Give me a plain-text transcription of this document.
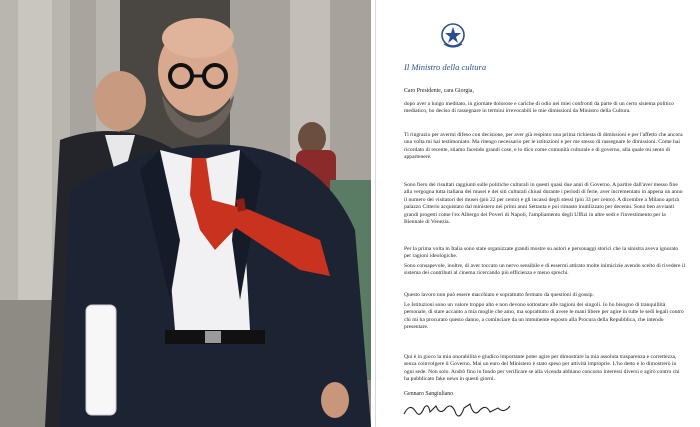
Il Ministro della cultura
Caro Presidente, cara Giorgia,

dopo aver a lungo meditato, in giornate dolorose e cariche di odio nei miei confronti da parte di un certo sistema politico mediatico, ho deciso di rassegnare in termini irrevocabili le mie dimissioni da Ministro della Cultura.

Ti ringrazio per avermi difeso con decisione, per aver già respinto una prima richiesta di dimissioni e per l'affetto che ancora una volta mi hai testimoniato. Ma ritengo necessario per le istituzioni e per me stesso di rassegnare le dimissioni. Come hai ricordato di recente, stiamo facendo grandi cose, e lo dico come comunità culturale e di governo, alla quale mi sento di appartenere.

Sono fiero dei risultati raggiunti sulle politiche culturali in questi quasi due anni di Governo. A partire dall'aver messo fine alla vergogna tutta italiana dei musei e dei siti culturali chiusi durante i periodi di ferie, aver incrementato in appena un anno il numero dei visitatori dei musei (più 22 per cento) e gli incassi degli stessi (più 33 per cento). A dicembre a Milano aprirà palazzo Citterio acquistato dal ministero nei primi anni Settanta e poi rimasto inutilizzato per decenni. Sono ben avvianti grandi progetti come l'ex Albergo dei Poveri di Napoli, l'ampliamento degli Uffizi in altre sedi e l'investimento per la Biennale di Venezia.

Per la prima volta in Italia sono state organizzate grandi mostre su autori e personaggi storici che la sinistra aveva ignorato per ragioni ideologiche.

Sono consapevole, inoltre, di aver toccato un nervo sensibile e di essermi attirato molte inimicizie avendo scelto di rivedere il sistema dei contributi al cinema ricercando più efficienza e meno sprechi.

Questo lavoro non può essere macchiato e soprattutto fermato da questioni di gossip.

Le Istituzioni sono un valore troppo alto e non devono sottostare alle ragioni dei singoli. Io ho bisogno di tranquillità personale, di stare accanto a mia moglie che amo, ma soprattutto di avere le mani libere per agire in tutte le sedi legali contro chi mi ha procurato questo danno, a cominciare da un imminente esposto alla Procura della Repubblica, che intendo presentare.

Qui è in gioco la mia onorabilità e giudico importante poter agire per dimostrare la mia assoluta trasparenza e correttezza, senza coinvolgere il Governo. Mai un euro del Ministero è stato speso per attività improprie. L'ho detto e lo dimostrerò in ogni sede. Non solo. Andrò fino in fondo per verificare se alla vicenda abbiano concorso interessi diversi e agirò contro chi ha pubblicato fake news in questi giorni.

Gennaro Sangiuliano
